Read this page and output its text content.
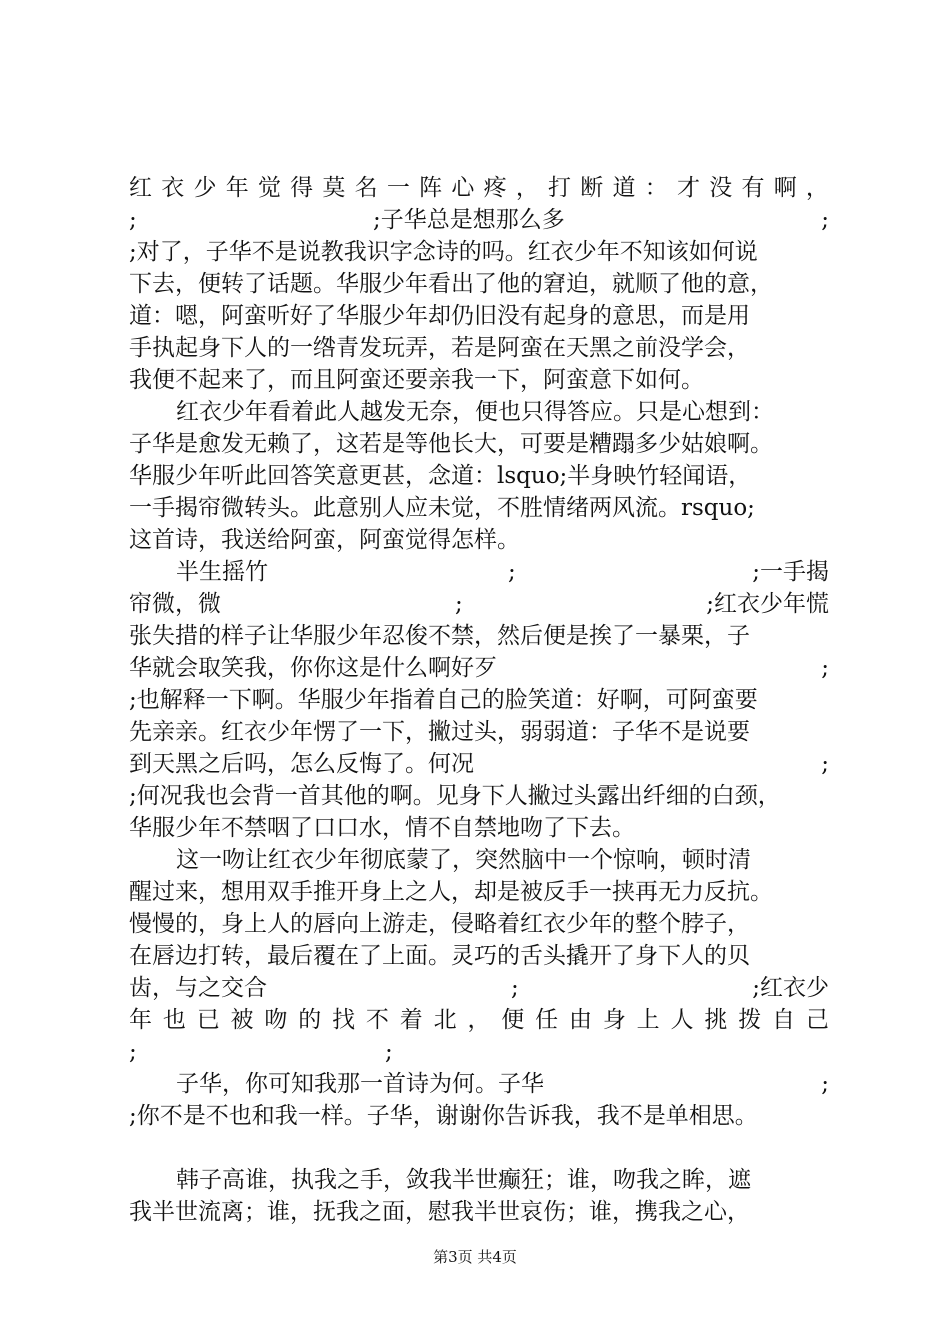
红 衣 少 年 觉 得 莫 名 一 阵 心 疼 ， 打 断 道 ： 才 没 有 啊 ，
;	;子华总是想那么多	;
;对了，子华不是说教我识字念诗的吗。红衣少年不知该如何说
下去，便转了话题。华服少年看出了他的窘迫，就顺了他的意，
道：嗯，阿蛮听好了华服少年却仍旧没有起身的意思，而是用
手执起身下人的一绺青发玩弄，若是阿蛮在天黑之前没学会，
我便不起来了，而且阿蛮还要亲我一下，阿蛮意下如何。
红衣少年看着此人越发无奈，便也只得答应。只是心想到：
子华是愈发无赖了，这若是等他长大，可要是糟蹋多少姑娘啊。
华服少年听此回答笑意更甚，念道：lsquo;半身映竹轻闻语，
一手揭帘微转头。此意别人应未觉，不胜情绪两风流。rsquo;
这首诗，我送给阿蛮，阿蛮觉得怎样。
半生摇竹	;	;一手揭
帘微，微	;	;红衣少年慌
张失措的样子让华服少年忍俊不禁，然后便是挨了一暴栗，子
华就会取笑我，你你这是什么啊好歹	;
;也解释一下啊。华服少年指着自己的脸笑道：好啊，可阿蛮要
先亲亲。红衣少年愣了一下，撇过头，弱弱道：子华不是说要
到天黑之后吗，怎么反悔了。何况	;
;何况我也会背一首其他的啊。见身下人撇过头露出纤细的白颈，
华服少年不禁咽了口口水，情不自禁地吻了下去。
这一吻让红衣少年彻底蒙了，突然脑中一个惊响，顿时清
醒过来，想用双手推开身上之人，却是被反手一挟再无力反抗。
慢慢的，身上人的唇向上游走，侵略着红衣少年的整个脖子，
在唇边打转，最后覆在了上面。灵巧的舌头撬开了身下人的贝
齿，与之交合	;	;红衣少
年 也 已 被 吻 的 找 不 着 北 ， 便 任 由 身 上 人 挑 拨 自 己
;	;
子华，你可知我那一首诗为何。子华	;
;你不是不也和我一样。子华，谢谢你告诉我，我不是单相思。
韩子高谁，执我之手，敛我半世癫狂；谁，吻我之眸，遮
我半世流离；谁，抚我之面，慰我半世哀伤；谁，携我之心，
第3页 共4页
